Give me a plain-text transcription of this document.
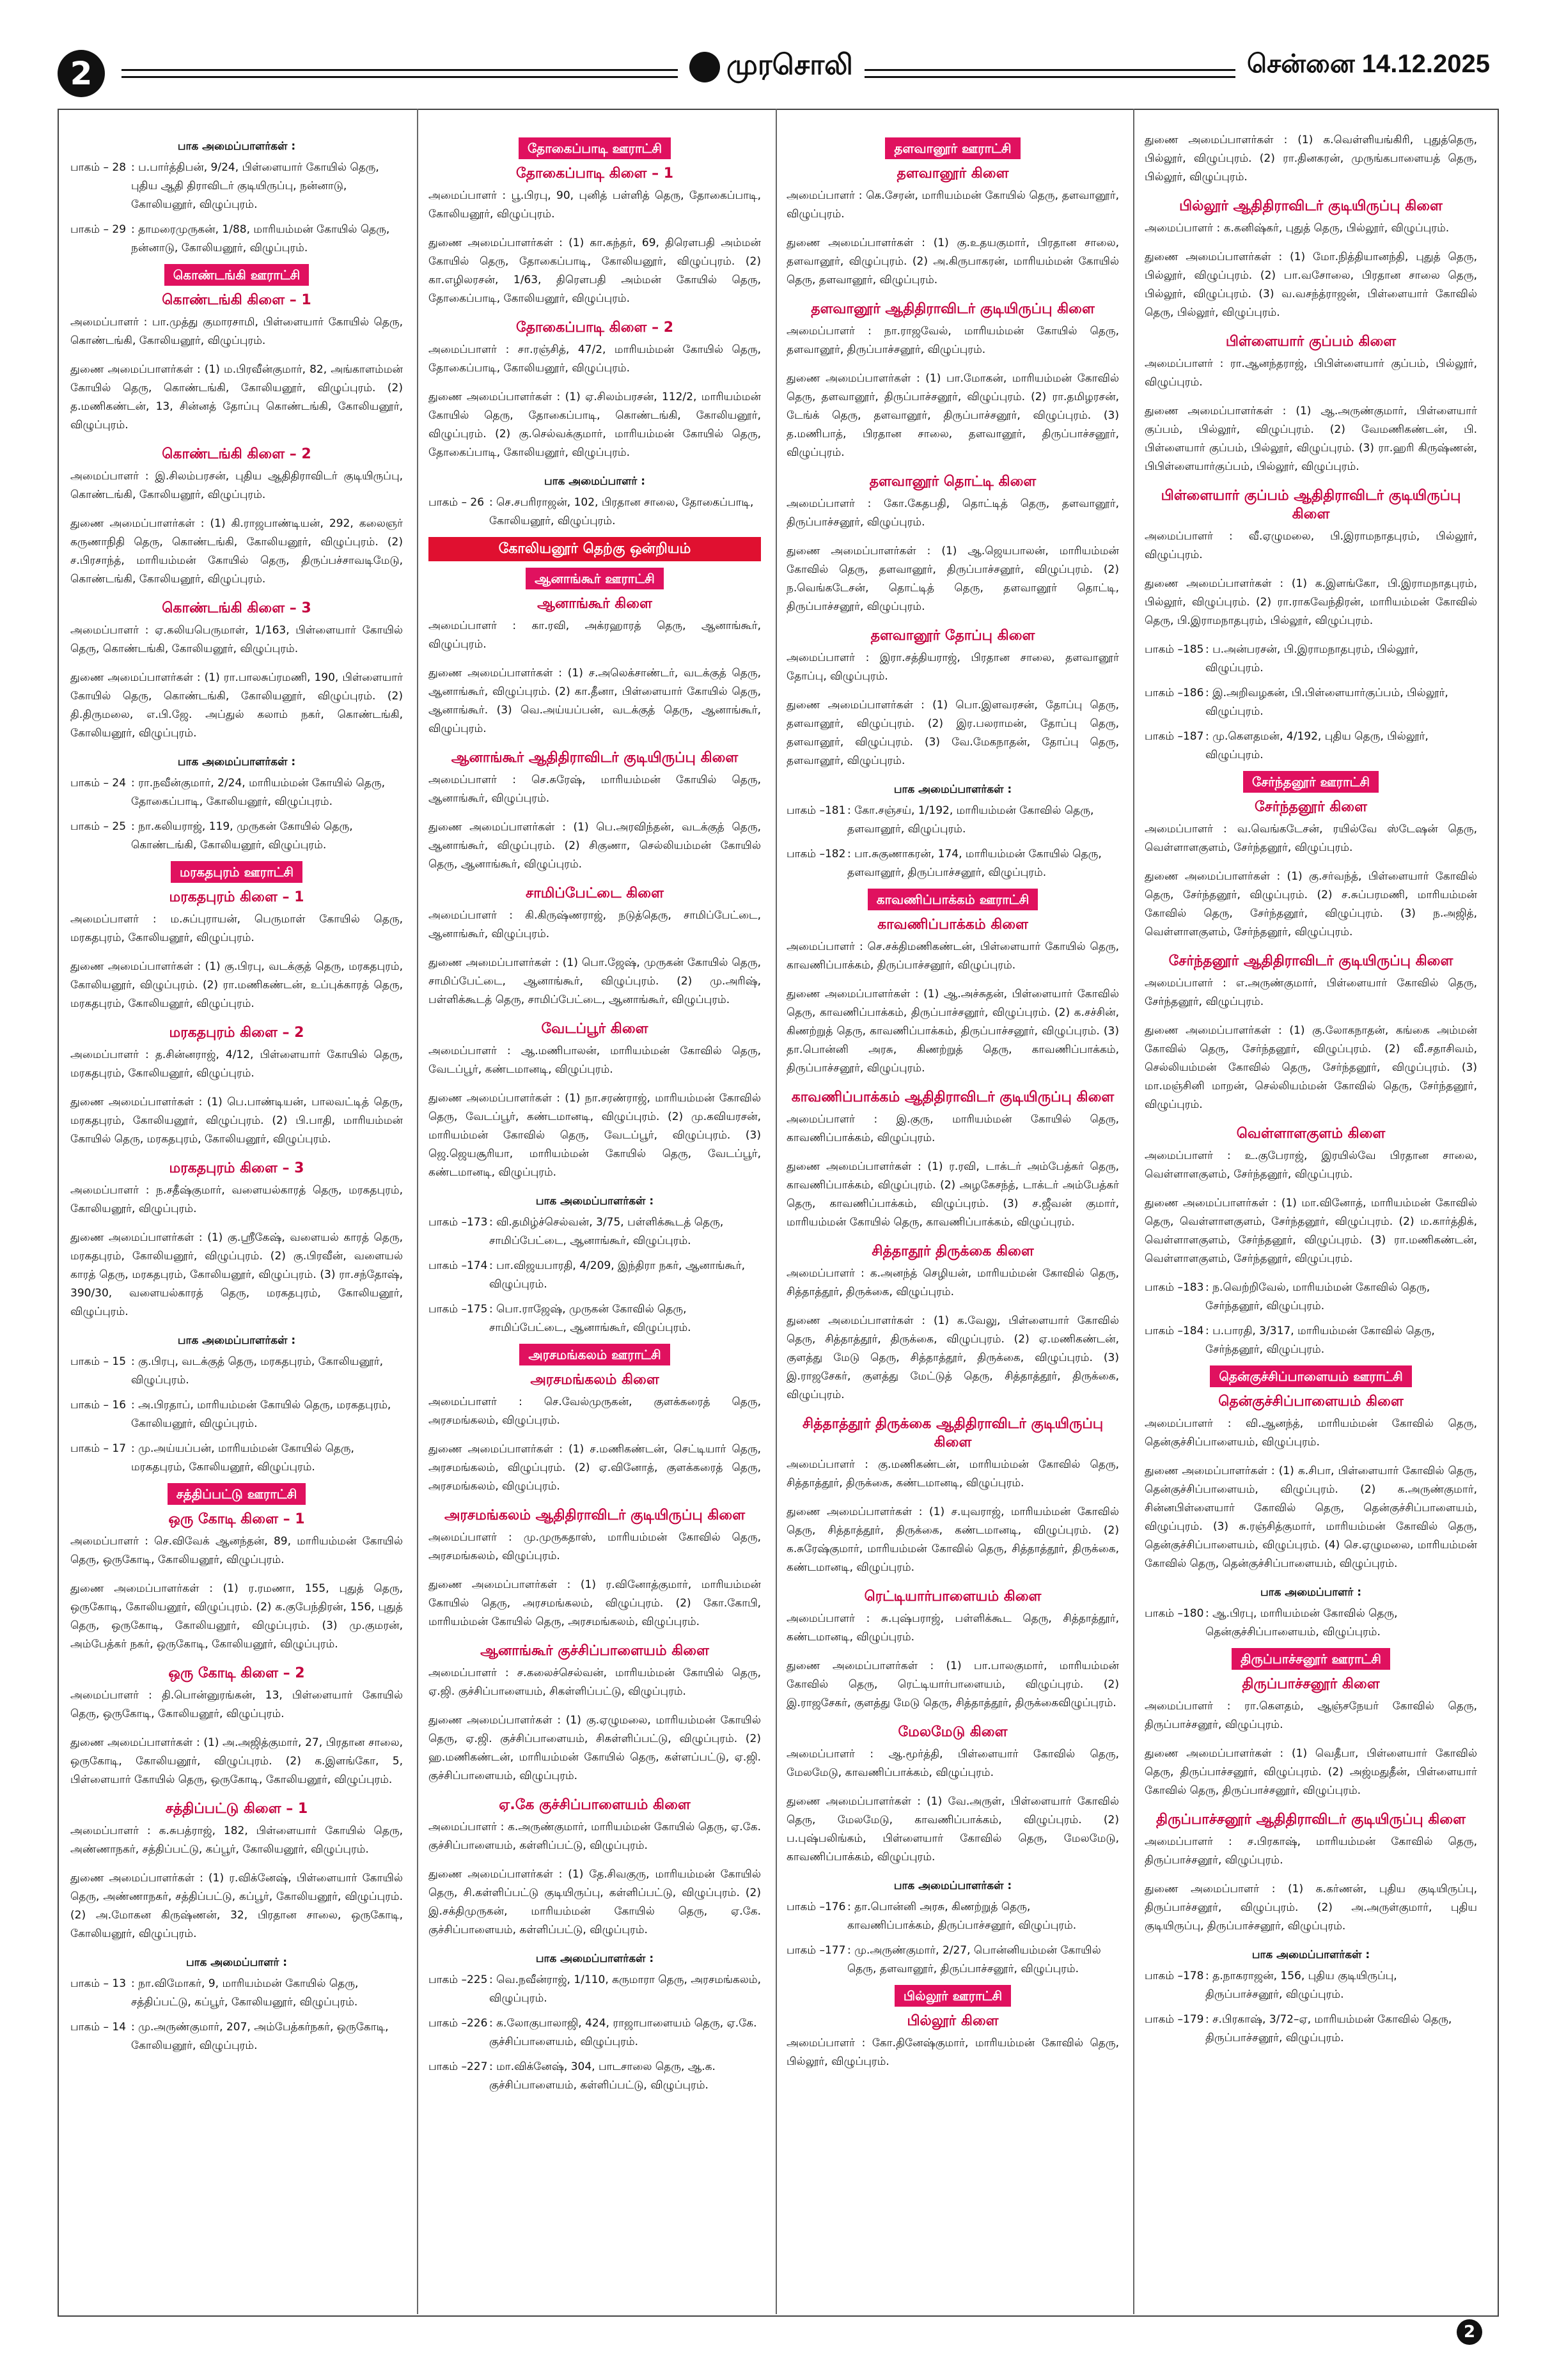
2	முரசொலி	சென்னை 14.12.2025
பாக அமைப்பாளர்கள் :
பாகம் – 28 : ப.பார்த்திபன், 9/24, பிள்ளையார் கோயில் தெரு, புதிய ஆதி திராவிடர் குடியிருப்பு, நன்னாடு, கோலியனூர், விழுப்புரம்.
பாகம் – 29 : தாமரைமுருகன், 1/88, மாரியம்மன் கோயில் தெரு, நன்னாடு, கோலியனூர், விழுப்புரம்.
கொண்டங்கி ஊராட்சி
கொண்டங்கி கிளை – 1

அமைப்பாளர் : பா.முத்து குமாரசாமி, பிள்ளையார் கோயில் தெரு, கொண்டங்கி, கோலியனூர், விழுப்புரம்.

துணை அமைப்பாளர்கள் : (1) ம.பிரவீன்குமார், 82, அங்காளம்மன் கோயில் தெரு, கொண்டங்கி, கோலியனூர், விழுப்புரம். (2) த.மணிகண்டன், 13, சின்னத் தோப்பு கொண்டங்கி, கோலியனூர், விழுப்புரம்.

கொண்டங்கி கிளை – 2

அமைப்பாளர் : இ.சிலம்பரசன், புதிய ஆதிதிராவிடர் குடியிருப்பு, கொண்டங்கி, கோலியனூர், விழுப்புரம்.

துணை அமைப்பாளர்கள் : (1) கி.ராஜபாண்டியன், 292, கலைஞர் கருணாநிதி தெரு, கொண்டங்கி, கோலியனூர், விழுப்புரம். (2) ச.பிரசாந்த், மாரியம்மன் கோயில் தெரு, திருப்பச்சாவடிமேடு, கொண்டங்கி, கோலியனூர், விழுப்புரம்.

கொண்டங்கி கிளை – 3

அமைப்பாளர் : ஏ.கலியபெருமாள், 1/163, பிள்ளையார் கோயில் தெரு, கொண்டங்கி, கோலியனூர், விழுப்புரம்.

துணை அமைப்பாளர்கள் : (1) ரா.பாலசுப்ரமணி, 190, பிள்ளையார் கோயில் தெரு, கொண்டங்கி, கோலியனூர், விழுப்புரம். (2) தி.திருமலை, எ.பி.ஜே. அப்துல் கலாம் நகர், கொண்டங்கி, கோலியனூர், விழுப்புரம்.

பாக அமைப்பாளர்கள் :
பாகம் – 24 : ரா.நவீன்குமார், 2/24, மாரியம்மன் கோயில் தெரு, தோகைப்பாடி, கோலியனூர், விழுப்புரம்.
பாகம் – 25 : நா.கலியராஜ், 119, முருகன் கோயில் தெரு, கொண்டங்கி, கோலியனூர், விழுப்புரம்.
மரகதபுரம் ஊராட்சி
மரகதபுரம் கிளை – 1

அமைப்பாளர் : ம.சுப்புராயன், பெருமாள் கோயில் தெரு, மரகதபுரம், கோலியனூர், விழுப்புரம்.

துணை அமைப்பாளர்கள் : (1) கு.பிரபு, வடக்குத் தெரு, மரகதபுரம், கோலியனூர், விழுப்புரம். (2) ரா.மணிகண்டன், உப்புக்காரத் தெரு, மரகதபுரம், கோலியனூர், விழுப்புரம்.

மரகதபுரம் கிளை – 2

அமைப்பாளர் : த.சின்னராஜ், 4/12, பிள்ளையார் கோயில் தெரு, மரகதபுரம், கோலியனூர், விழுப்புரம்.

துணை அமைப்பாளர்கள் : (1) பெ.பாண்டியன், பாலவட்டித் தெரு, மரகதபுரம், கோலியனூர், விழுப்புரம். (2) பி.பாதி, மாரியம்மன் கோயில் தெரு, மரகதபுரம், கோலியனூர், விழுப்புரம்.

மரகதபுரம் கிளை – 3

அமைப்பாளர் : ந.சதீஷ்குமார், வளையல்காரத் தெரு, மரகதபுரம், கோலியனூர், விழுப்புரம்.

துணை அமைப்பாளர்கள் : (1) கு.ஸ்ரீகேஷ், வளையல் காரத் தெரு, மரகதபுரம், கோலியனூர், விழுப்புரம். (2) கு.பிரவீன், வளையல் காரத் தெரு, மரகதபுரம், கோலியனூர், விழுப்புரம். (3) ரா.சந்தோஷ், 390/30, வளையல்காரத் தெரு, மரகதபுரம், கோலியனூர், விழுப்புரம்.

பாக அமைப்பாளர்கள் :
பாகம் – 15 : கு.பிரபு, வடக்குத் தெரு, மரகதபுரம், கோலியனூர், விழுப்புரம்.
பாகம் – 16 : அ.பிரதாப், மாரியம்மன் கோயில் தெரு, மரகதபுரம், கோலியனூர், விழுப்புரம்.
பாகம் – 17 : மு.அய்யப்பன், மாரியம்மன் கோயில் தெரு, மரகதபுரம், கோலியனூர், விழுப்புரம்.
சத்திப்பட்டு ஊராட்சி
ஒரு கோடி கிளை – 1

அமைப்பாளர் : செ.விவேக் ஆனந்தன், 89, மாரியம்மன் கோயில் தெரு, ஒருகோடி, கோலியனூர், விழுப்புரம்.

துணை அமைப்பாளர்கள் : (1) ர.ரமணா, 155, புதுத் தெரு, ஒருகோடி, கோலியனூர், விழுப்புரம். (2) க.குபேந்திரன், 156, புதுத் தெரு, ஒருகோடி, கோலியனூர், விழுப்புரம். (3) மு.குமரன், அம்பேத்கர் நகர், ஒருகோடி, கோலியனூர், விழுப்புரம்.

ஒரு கோடி கிளை – 2

அமைப்பாளர் : தி.பொன்னுரங்கன், 13, பிள்ளையார் கோயில் தெரு, ஒருகோடி, கோலியனூர், விழுப்புரம்.

துணை அமைப்பாளர்கள் : (1) அ.அஜித்குமார், 27, பிரதான சாலை, ஒருகோடி, கோலியனூர், விழுப்புரம். (2) க.இளங்கோ, 5, பிள்ளையார் கோயில் தெரு, ஒருகோடி, கோலியனூர், விழுப்புரம்.

சத்திப்பட்டு கிளை – 1

அமைப்பாளர் : க.சுபத்ராஜ், 182, பிள்ளையார் கோயில் தெரு, அண்ணாநகர், சத்திப்பட்டு, கப்பூர், கோலியனூர், விழுப்புரம்.

துணை அமைப்பாளர்கள் : (1) ர.விக்னேஷ், பிள்ளையார் கோயில் தெரு, அண்ணாநகர், சத்திப்பட்டு, கப்பூர், கோலியனூர், விழுப்புரம். (2) அ.மோகன கிருஷ்ணன், 32, பிரதான சாலை, ஒருகோடி, கோலியனூர், விழுப்புரம்.

பாக அமைப்பாளர் :
பாகம் – 13 : நா.விமோகர், 9, மாரியம்மன் கோயில் தெரு, சத்திப்பட்டு, கப்பூர், கோலியனூர், விழுப்புரம்.
பாகம் – 14 : மு.அருண்குமார், 207, அம்பேத்கர்நகர், ஒருகோடி, கோலியனூர், விழுப்புரம்.
தோகைப்பாடி ஊராட்சி
தோகைப்பாடி கிளை – 1

அமைப்பாளர் : பூ.பிரபு, 90, புனித் பள்ளித் தெரு, தோகைப்பாடி, கோலியனூர், விழுப்புரம்.

துணை அமைப்பாளர்கள் : (1) கா.கந்தர், 69, திரௌபதி அம்மன் கோயில் தெரு, தோகைப்பாடி, கோலியனூர், விழுப்புரம். (2) கா.எழிலரசன், 1/63, திரௌபதி அம்மன் கோயில் தெரு, தோகைப்பாடி, கோலியனூர், விழுப்புரம்.

தோகைப்பாடி கிளை – 2

அமைப்பாளர் : சா.ரஞ்சித், 47/2, மாரியம்மன் கோயில் தெரு, தோகைப்பாடி, கோலியனூர், விழுப்புரம்.

துணை அமைப்பாளர்கள் : (1) ஏ.சிலம்பரசன், 112/2, மாரியம்மன் கோயில் தெரு, தோகைப்பாடி, கொண்டங்கி, கோலியனூர், விழுப்புரம். (2) கு.செல்வக்குமார், மாரியம்மன் கோயில் தெரு, தோகைப்பாடி, கோலியனூர், விழுப்புரம்.

பாக அமைப்பாளர் :
பாகம் – 26 : செ.சபரிராஜன், 102, பிரதான சாலை, தோகைப்பாடி, கோலியனூர், விழுப்புரம்.
கோலியனூர் தெற்கு ஒன்றியம்
ஆனாங்கூர் ஊராட்சி
ஆனாங்கூர் கிளை

அமைப்பாளர் : கா.ரவி, அக்ரஹாரத் தெரு, ஆனாங்கூர், விழுப்புரம்.

துணை அமைப்பாளர்கள் : (1) ச.அலெக்சாண்டர், வடக்குத் தெரு, ஆனாங்கூர், விழுப்புரம். (2) கா.தீனா, பிள்ளையார் கோயில் தெரு, ஆனாங்கூர். (3) வெ.அய்யப்பன், வடக்குத் தெரு, ஆனாங்கூர், விழுப்புரம்.

ஆனாங்கூர் ஆதிதிராவிடர் குடியிருப்பு கிளை

அமைப்பாளர் : செ.சுரேஷ், மாரியம்மன் கோயில் தெரு, ஆனாங்கூர், விழுப்புரம்.

துணை அமைப்பாளர்கள் : (1) பெ.அரவிந்தன், வடக்குத் தெரு, ஆனாங்கூர், விழுப்புரம். (2) சிகுணா, செல்லியம்மன் கோயில் தெரு, ஆனாங்கூர், விழுப்புரம்.

சாமிப்பேட்டை கிளை

அமைப்பாளர் : கி.கிருஷ்ணராஜ், நடுத்தெரு, சாமிப்பேட்டை, ஆனாங்கூர், விழுப்புரம்.

துணை அமைப்பாளர்கள் : (1) பொ.ஜேஷ், முருகன் கோயில் தெரு, சாமிப்பேட்டை, ஆனாங்கூர், விழுப்புரம். (2) மு.அரிஷ், பள்ளிக்கூடத் தெரு, சாமிப்பேட்டை, ஆனாங்கூர், விழுப்புரம்.

வேடப்பூர் கிளை

அமைப்பாளர் : ஆ.மணிபாலன், மாரியம்மன் கோவில் தெரு, வேடப்பூர், கண்டமானடி, விழுப்புரம்.

துணை அமைப்பாளர்கள் : (1) நா.சரண்ராஜ், மாரியம்மன் கோவில் தெரு, வேடப்பூர், கண்டமானடி, விழுப்புரம். (2) மு.கவியரசன், மாரியம்மன் கோவில் தெரு, வேடப்பூர், விழுப்புரம். (3) ஜெ.ஜெயசூரியா, மாரியம்மன் கோயில் தெரு, வேடப்பூர், கண்டமானடி, விழுப்புரம்.

பாக அமைப்பாளர்கள் :
பாகம் –173 : வி.தமிழ்ச்செல்வன், 3/75, பள்ளிக்கூடத் தெரு, சாமிப்பேட்டை, ஆனாங்கூர், விழுப்புரம்.
பாகம் –174 : பா.விஜயபாரதி, 4/209, இந்திரா நகர், ஆனாங்கூர், விழுப்புரம்.
பாகம் –175 : பொ.ராஜேஷ், முருகன் கோவில் தெரு, சாமிப்பேட்டை, ஆனாங்கூர், விழுப்புரம்.
அரசமங்கலம் ஊராட்சி
அரசமங்கலம் கிளை

அமைப்பாளர் : செ.வேல்முருகன், குளக்கரைத் தெரு, அரசமங்கலம், விழுப்புரம்.

துணை அமைப்பாளர்கள் : (1) ச.மணிகண்டன், செட்டியார் தெரு, அரசமங்கலம், விழுப்புரம். (2) ஏ.வினோத், குளக்கரைத் தெரு, அரசமங்கலம், விழுப்புரம்.

அரசமங்கலம் ஆதிதிராவிடர் குடியிருப்பு கிளை

அமைப்பாளர் : மு.முருகதாஸ், மாரியம்மன் கோவில் தெரு, அரசமங்கலம், விழுப்புரம்.

துணை அமைப்பாளர்கள் : (1) ர.வினோத்குமார், மாரியம்மன் கோயில் தெரு, அரசமங்கலம், விழுப்புரம். (2) கோ.கோபி, மாரியம்மன் கோயில் தெரு, அரசமங்கலம், விழுப்புரம்.

ஆனாங்கூர் குச்சிப்பாளையம் கிளை

அமைப்பாளர் : ச.கலைச்செல்வன், மாரியம்மன் கோயில் தெரு, ஏ.ஜி. குச்சிப்பாளையம், சிகள்ளிப்பட்டு, விழுப்புரம்.

துணை அமைப்பாளர்கள் : (1) கு.ஏழுமலை, மாரியம்மன் கோயில் தெரு, ஏ.ஜி. குச்சிப்பாளையம், சிகள்ளிப்பட்டு, விழுப்புரம். (2) ஹ.மணிகண்டன், மாரியம்மன் கோயில் தெரு, கள்ளப்பட்டு, ஏ.ஜி. குச்சிப்பாளையம், விழுப்புரம்.

ஏ.கே குச்சிப்பாளையம் கிளை

அமைப்பாளர் : க.அருண்குமார், மாரியம்மன் கோயில் தெரு, ஏ.கே. குச்சிப்பாளையம், கள்ளிப்பட்டு, விழுப்புரம்.

துணை அமைப்பாளர்கள் : (1) தே.சிவகுரு, மாரியம்மன் கோயில் தெரு, சி.கள்ளிப்பட்டு குடியிருப்பு, கள்ளிப்பட்டு, விழுப்புரம். (2) இ.சக்திமுருகன், மாரியம்மன் கோயில் தெரு, ஏ.கே. குச்சிப்பாளையம், கள்ளிப்பட்டு, விழுப்புரம்.

பாக அமைப்பாளர்கள் :
பாகம் –225 : வெ.நவீன்ராஜ், 1/110, கருமாரா தெரு, அரசமங்கலம், விழுப்புரம்.
பாகம் –226 : க.லோகுபாலாஜி, 424, ராஜாபாளையம் தெரு, ஏ.கே. குச்சிப்பாளையம், விழுப்புரம்.
பாகம் –227 : மா.விக்னேஷ், 304, பாடசாலை தெரு, ஆ.க. குச்சிப்பாளையம், கள்ளிப்பட்டு, விழுப்புரம்.
தளவானூர் ஊராட்சி
தளவானூர் கிளை

அமைப்பாளர் : கெ.சேரன், மாரியம்மன் கோயில் தெரு, தளவானூர், விழுப்புரம்.

துணை அமைப்பாளர்கள் : (1) கு.உதயகுமார், பிரதான சாலை, தளவானூர், விழுப்புரம். (2) அ.கிருபாகரன், மாரியம்மன் கோயில் தெரு, தளவானூர், விழுப்புரம்.

தளவானூர் ஆதிதிராவிடர் குடியிருப்பு கிளை

அமைப்பாளர் : நா.ராஜவேல், மாரியம்மன் கோயில் தெரு, தளவானூர், திருப்பாச்சனூர், விழுப்புரம்.

துணை அமைப்பாளர்கள் : (1) பா.மோகன், மாரியம்மன் கோவில் தெரு, தளவானூர், திருப்பாச்சனூர், விழுப்புரம். (2) ரா.தமிழரசன், டேங்க் தெரு, தளவானூர், திருப்பாச்சனூர், விழுப்புரம். (3) த.மணிபாத், பிரதான சாலை, தளவானூர், திருப்பாச்சனூர், விழுப்புரம்.

தளவானூர் தொட்டி கிளை

அமைப்பாளர் : கோ.கேதபதி, தொட்டித் தெரு, தளவானூர், திருப்பாச்சனூர், விழுப்புரம்.

துணை அமைப்பாளர்கள் : (1) ஆ.ஜெயபாலன், மாரியம்மன் கோவில் தெரு, தளவானூர், திருப்பாச்சனூர், விழுப்புரம். (2) ந.வெங்கடேசன், தொட்டித் தெரு, தளவானூர் தொட்டி, திருப்பாச்சனூர், விழுப்புரம்.

தளவானூர் தோப்பு கிளை

அமைப்பாளர் : இரா.சத்தியராஜ், பிரதான சாலை, தளவானூர் தோப்பு, விழுப்புரம்.

துணை அமைப்பாளர்கள் : (1) பொ.இளவரசன், தோப்பு தெரு, தளவானூர், விழுப்புரம். (2) இர.பலராமன், தோப்பு தெரு, தளவானூர், விழுப்புரம். (3) வே.மேகநாதன், தோப்பு தெரு, தளவானூர், விழுப்புரம்.

பாக அமைப்பாளர்கள் :
பாகம் –181 : கோ.சஞ்சய், 1/192, மாரியம்மன் கோவில் தெரு, தளவானூர், விழுப்புரம்.
பாகம் –182 : பா.சுகுணாகரன், 174, மாரியம்மன் கோயில் தெரு, தளவானூர், திருப்பாச்சனூர், விழுப்புரம்.
காவணிப்பாக்கம் ஊராட்சி
காவணிப்பாக்கம் கிளை

அமைப்பாளர் : செ.சக்திமணிகண்டன், பிள்ளையார் கோயில் தெரு, காவணிப்பாக்கம், திருப்பாச்சனூர், விழுப்புரம்.

துணை அமைப்பாளர்கள் : (1) ஆ.அச்சுதன், பிள்ளையார் கோவில் தெரு, காவணிப்பாக்கம், திருப்பாச்சனூர், விழுப்புரம். (2) க.சச்சின், கிணற்றுத் தெரு, காவணிப்பாக்கம், திருப்பாச்சனூர், விழுப்புரம். (3) தா.பொன்னி அரசு, கிணற்றுத் தெரு, காவணிப்பாக்கம், திருப்பாச்சனூர், விழுப்புரம்.

காவணிப்பாக்கம் ஆதிதிராவிடர் குடியிருப்பு கிளை

அமைப்பாளர் : இ.குரு, மாரியம்மன் கோயில் தெரு, காவணிப்பாக்கம், விழுப்புரம்.

துணை அமைப்பாளர்கள் : (1) ர.ரவி, டாக்டர் அம்பேத்கர் தெரு, காவணிப்பாக்கம், விழுப்புரம். (2) அழகேசந்த், டாக்டர் அம்பேத்கர் தெரு, காவணிப்பாக்கம், விழுப்புரம். (3) ச.ஜீவன் குமார், மாரியம்மன் கோயில் தெரு, காவணிப்பாக்கம், விழுப்புரம்.

சித்தாதூர் திருக்கை கிளை

அமைப்பாளர் : க.அனந்த் செழியன், மாரியம்மன் கோவில் தெரு, சித்தாத்தூர், திருக்கை, விழுப்புரம்.

துணை அமைப்பாளர்கள் : (1) க.வேலு, பிள்ளையார் கோவில் தெரு, சித்தாத்தூர், திருக்கை, விழுப்புரம். (2) ஏ.மணிகண்டன், குளத்து மேடு தெரு, சித்தாத்தூர், திருக்கை, விழுப்புரம். (3) இ.ராஜசேகர், குளத்து மேட்டுத் தெரு, சித்தாத்தூர், திருக்கை, விழுப்புரம்.

சித்தாத்தூர் திருக்கை ஆதிதிராவிடர் குடியிருப்பு கிளை

அமைப்பாளர் : கு.மணிகண்டன், மாரியம்மன் கோவில் தெரு, சித்தாத்தூர், திருக்கை, கண்டமானடி, விழுப்புரம்.

துணை அமைப்பாளர்கள் : (1) ச.யுவராஜ், மாரியம்மன் கோவில் தெரு, சித்தாத்தூர், திருக்கை, கண்டமானடி, விழுப்புரம். (2) க.சுரேஷ்குமார், மாரியம்மன் கோவில் தெரு, சித்தாத்தூர், திருக்கை, கண்டமானடி, விழுப்புரம்.

ரெட்டியார்பாளையம் கிளை

அமைப்பாளர் : சு.புஷ்பராஜ், பள்ளிக்கூட தெரு, சித்தாத்தூர், கண்டமானடி, விழுப்புரம்.

துணை அமைப்பாளர்கள் : (1) பா.பாலகுமார், மாரியம்மன் கோவில் தெரு, ரெட்டியார்பாளையம், விழுப்புரம். (2) இ.ராஜசேகர், குளத்து மேடு தெரு, சித்தாத்தூர், திருக்கைவிழுப்புரம்.

மேலமேடு கிளை

அமைப்பாளர் : ஆ.மூர்த்தி, பிள்ளையார் கோவில் தெரு, மேலமேடு, காவணிப்பாக்கம், விழுப்புரம்.

துணை அமைப்பாளர்கள் : (1) வே.அருள், பிள்ளையார் கோவில் தெரு, மேலமேடு, காவணிப்பாக்கம், விழுப்புரம். (2) ப.புஷ்பலிங்கம், பிள்ளையார் கோவில் தெரு, மேலமேடு, காவணிப்பாக்கம், விழுப்புரம்.

பாக அமைப்பாளர்கள் :
பாகம் –176 : தா.பொன்னி அரசு, கிணற்றுத் தெரு, காவணிப்பாக்கம், திருப்பாச்சனூர், விழுப்புரம்.
பாகம் –177 : மு.அருண்குமார், 2/27, பொன்னியம்மன் கோயில் தெரு, தளவானூர், திருப்பாச்சனூர், விழுப்புரம்.
பில்லூர் ஊராட்சி
பில்லூர் கிளை

அமைப்பாளர் : கோ.தினேஷ்குமார், மாரியம்மன் கோவில் தெரு, பில்லூர், விழுப்புரம்.

துணை அமைப்பாளர்கள் : (1) க.வெள்ளியங்கிரி, புதுத்தெரு, பில்லூர், விழுப்புரம். (2) ரா.தினகரன், முருங்கபாளையத் தெரு, பில்லூர், விழுப்புரம்.

பில்லூர் ஆதிதிராவிடர் குடியிருப்பு கிளை

அமைப்பாளர் : க.கனிஷ்கர், புதுத் தெரு, பில்லூர், விழுப்புரம்.

துணை அமைப்பாளர்கள் : (1) மோ.நித்தியானந்தி, புதுத் தெரு, பில்லூர், விழுப்புரம். (2) பா.வசோலை, பிரதான சாலை தெரு, பில்லூர், விழுப்புரம். (3) வ.வசந்த்ராஜன், பிள்ளையார் கோவில் தெரு, பில்லூர், விழுப்புரம்.

பிள்ளையார் குப்பம் கிளை

அமைப்பாளர் : ரா.ஆனந்தராஜ், பிபிள்ளையார் குப்பம், பில்லூர், விழுப்புரம்.

துணை அமைப்பாளர்கள் : (1) ஆ.அருண்குமார், பிள்ளையார் குப்பம், பில்லூர், விழுப்புரம். (2) வேமணிகண்டன், பி. பிள்ளையார் குப்பம், பில்லூர், விழுப்புரம். (3) ரா.ஹரி கிருஷ்ணன், பிபிள்ளையார்குப்பம், பில்லூர், விழுப்புரம்.

பிள்ளையார் குப்பம் ஆதிதிராவிடர் குடியிருப்பு கிளை

அமைப்பாளர் : வீ.ஏழுமலை, பி.இராமநாதபுரம், பில்லூர், விழுப்புரம்.

துணை அமைப்பாளர்கள் : (1) க.இளங்கோ, பி.இராமநாதபுரம், பில்லூர், விழுப்புரம். (2) ரா.ராகவேந்திரன், மாரியம்மன் கோவில் தெரு, பி.இராமநாதபுரம், பில்லூர், விழுப்புரம்.

பாகம் –185 : ப.அன்பரசன், பி.இராமநாதபுரம், பில்லூர், விழுப்புரம்.
பாகம் –186 : இ.அறிவழகன், பி.பிள்ளையார்குப்பம், பில்லூர், விழுப்புரம்.
பாகம் –187 : மு.கௌதமன், 4/192, புதிய தெரு, பில்லூர், விழுப்புரம்.
சேர்ந்தனூர் ஊராட்சி
சேர்ந்தனூர் கிளை

அமைப்பாளர் : வ.வெங்கடேசன், ரயில்வே ஸ்டேஷன் தெரு, வெள்ளாளகுளம், சேர்ந்தனூர், விழுப்புரம்.

துணை அமைப்பாளர்கள் : (1) கு.சர்வந்த், பிள்ளையார் கோவில் தெரு, சேர்ந்தனூர், விழுப்புரம். (2) ச.சுப்பரமணி, மாரியம்மன் கோவில் தெரு, சேர்ந்தனூர், விழுப்புரம். (3) ந.அஜித், வெள்ளாளகுளம், சேர்ந்தனூர், விழுப்புரம்.

சேர்ந்தனூர் ஆதிதிராவிடர் குடியிருப்பு கிளை

அமைப்பாளர் : எ.அருண்குமார், பிள்ளையார் கோவில் தெரு, சேர்ந்தனூர், விழுப்புரம்.

துணை அமைப்பாளர்கள் : (1) கு.லோகநாதன், கங்கை அம்மன் கோவில் தெரு, சேர்ந்தனூர், விழுப்புரம். (2) வீ.சதாசிவம், செல்லியம்மன் கோவில் தெரு, சேர்ந்தனூர், விழுப்புரம். (3) மா.மஞ்சினி மாறன், செல்லியம்மன் கோவில் தெரு, சேர்ந்தனூர், விழுப்புரம்.

வெள்ளாளகுளம் கிளை

அமைப்பாளர் : உ.குபேராஜ், இரயில்வே பிரதான சாலை, வெள்ளாளகுளம், சேர்ந்தனூர், விழுப்புரம்.

துணை அமைப்பாளர்கள் : (1) மா.வினோத், மாரியம்மன் கோவில் தெரு, வெள்ளாளகுளம், சேர்ந்தனூர், விழுப்புரம். (2) ம.கார்த்திக், வெள்ளாளகுளம், சேர்ந்தனூர், விழுப்புரம். (3) ரா.மணிகண்டன், வெள்ளாளகுளம், சேர்ந்தனூர், விழுப்புரம்.

பாகம் –183 : ந.வெற்றிவேல், மாரியம்மன் கோவில் தெரு, சேர்ந்தனூர், விழுப்புரம்.
பாகம் –184 : ப.பாரதி, 3/317, மாரியம்மன் கோவில் தெரு, சேர்ந்தனூர், விழுப்புரம்.
தென்குச்சிப்பாளையம் ஊராட்சி
தென்குச்சிப்பாளையம் கிளை

அமைப்பாளர் : வி.ஆனந்த், மாரியம்மன் கோவில் தெரு, தென்குச்சிப்பாளையம், விழுப்புரம்.

துணை அமைப்பாளர்கள் : (1) க.சிபா, பிள்ளையார் கோவில் தெரு, தென்குச்சிப்பாளையம், விழுப்புரம். (2) க.அருண்குமார், சின்னபிள்ளையார் கோவில் தெரு, தென்குச்சிப்பாளையம், விழுப்புரம். (3) சு.ரஞ்சித்குமார், மாரியம்மன் கோவில் தெரு, தென்குச்சிப்பாளையம், விழுப்புரம். (4) செ.ஏழுமலை, மாரியம்மன் கோவில் தெரு, தென்குச்சிப்பாளையம், விழுப்புரம்.

பாக அமைப்பாளர் :
பாகம் –180 : ஆ.பிரபு, மாரியம்மன் கோவில் தெரு, தென்குச்சிப்பாளையம், விழுப்புரம்.
திருப்பாச்சனூர் ஊராட்சி
திருப்பாச்சனூர் கிளை

அமைப்பாளர் : ரா.கௌதம், ஆஞ்சநேயர் கோவில் தெரு, திருப்பாச்சனூர், விழுப்புரம்.

துணை அமைப்பாளர்கள் : (1) வெதீபா, பிள்ளையார் கோவில் தெரு, திருப்பாச்சனூர், விழுப்புரம். (2) அஜ்மதுதீன், பிள்ளையார் கோவில் தெரு, திருப்பாச்சனூர், விழுப்புரம்.

திருப்பாச்சனூர் ஆதிதிராவிடர் குடியிருப்பு கிளை

அமைப்பாளர் : ச.பிரகாஷ், மாரியம்மன் கோவில் தெரு, திருப்பாச்சனூர், விழுப்புரம்.

துணை அமைப்பாளர் : (1) க.கர்ணன், புதிய குடியிருப்பு, திருப்பாச்சனூர், விழுப்புரம். (2) அ.அருள்குமார், புதிய குடியிருப்பு, திருப்பாச்சனூர், விழுப்புரம்.

பாக அமைப்பாளர்கள் :
பாகம் –178 : த.நாகராஜன், 156, புதிய குடியிருப்பு, திருப்பாச்சனூர், விழுப்புரம்.
பாகம் –179 : ச.பிரகாஷ், 3/72–ஏ, மாரியம்மன் கோவில் தெரு, திருப்பாச்சனூர், விழுப்புரம்.
2
